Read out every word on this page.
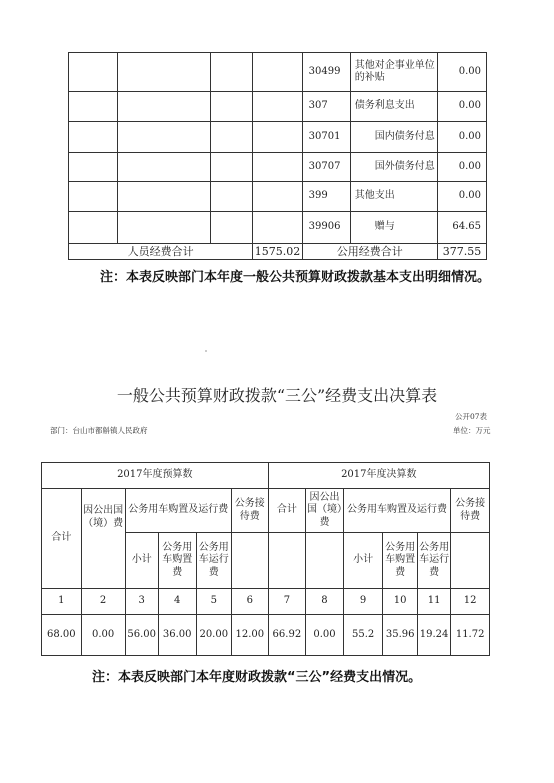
				30499	其他对企事业单位的补贴	0.00
				307	债务利息支出	0.00
				30701	国内债务付息	0.00
				30707	国外债务付息	0.00
				399	其他支出	0.00
				39906	赠与	64.65
人员经费合计			1575.02	公用经费合计		377.55
注：本表反映部门本年度一般公共预算财政拨款基本支出明细情况。
一般公共预算财政拨款“三公”经费支出决算表
公开07表
部门：台山市都斛镇人民政府	单位：万元
2017年度预算数						2017年度决算数					
合计	因公出国（境）费	公务用车购置及运行费			公务接待费	合计	因公出国（境）费	公务用车购置及运行费			公务接待费
		小计	公务用车购置费	公务用车运行费				小计	公务用车购置费	公务用车运行费	
1	2	3	4	5	6	7	8	9	10	11	12
68.00	0.00	56.00	36.00	20.00	12.00	66.92	0.00	55.2	35.96	19.24	11.72
注：本表反映部门本年度财政拨款“三公”经费支出情况。
